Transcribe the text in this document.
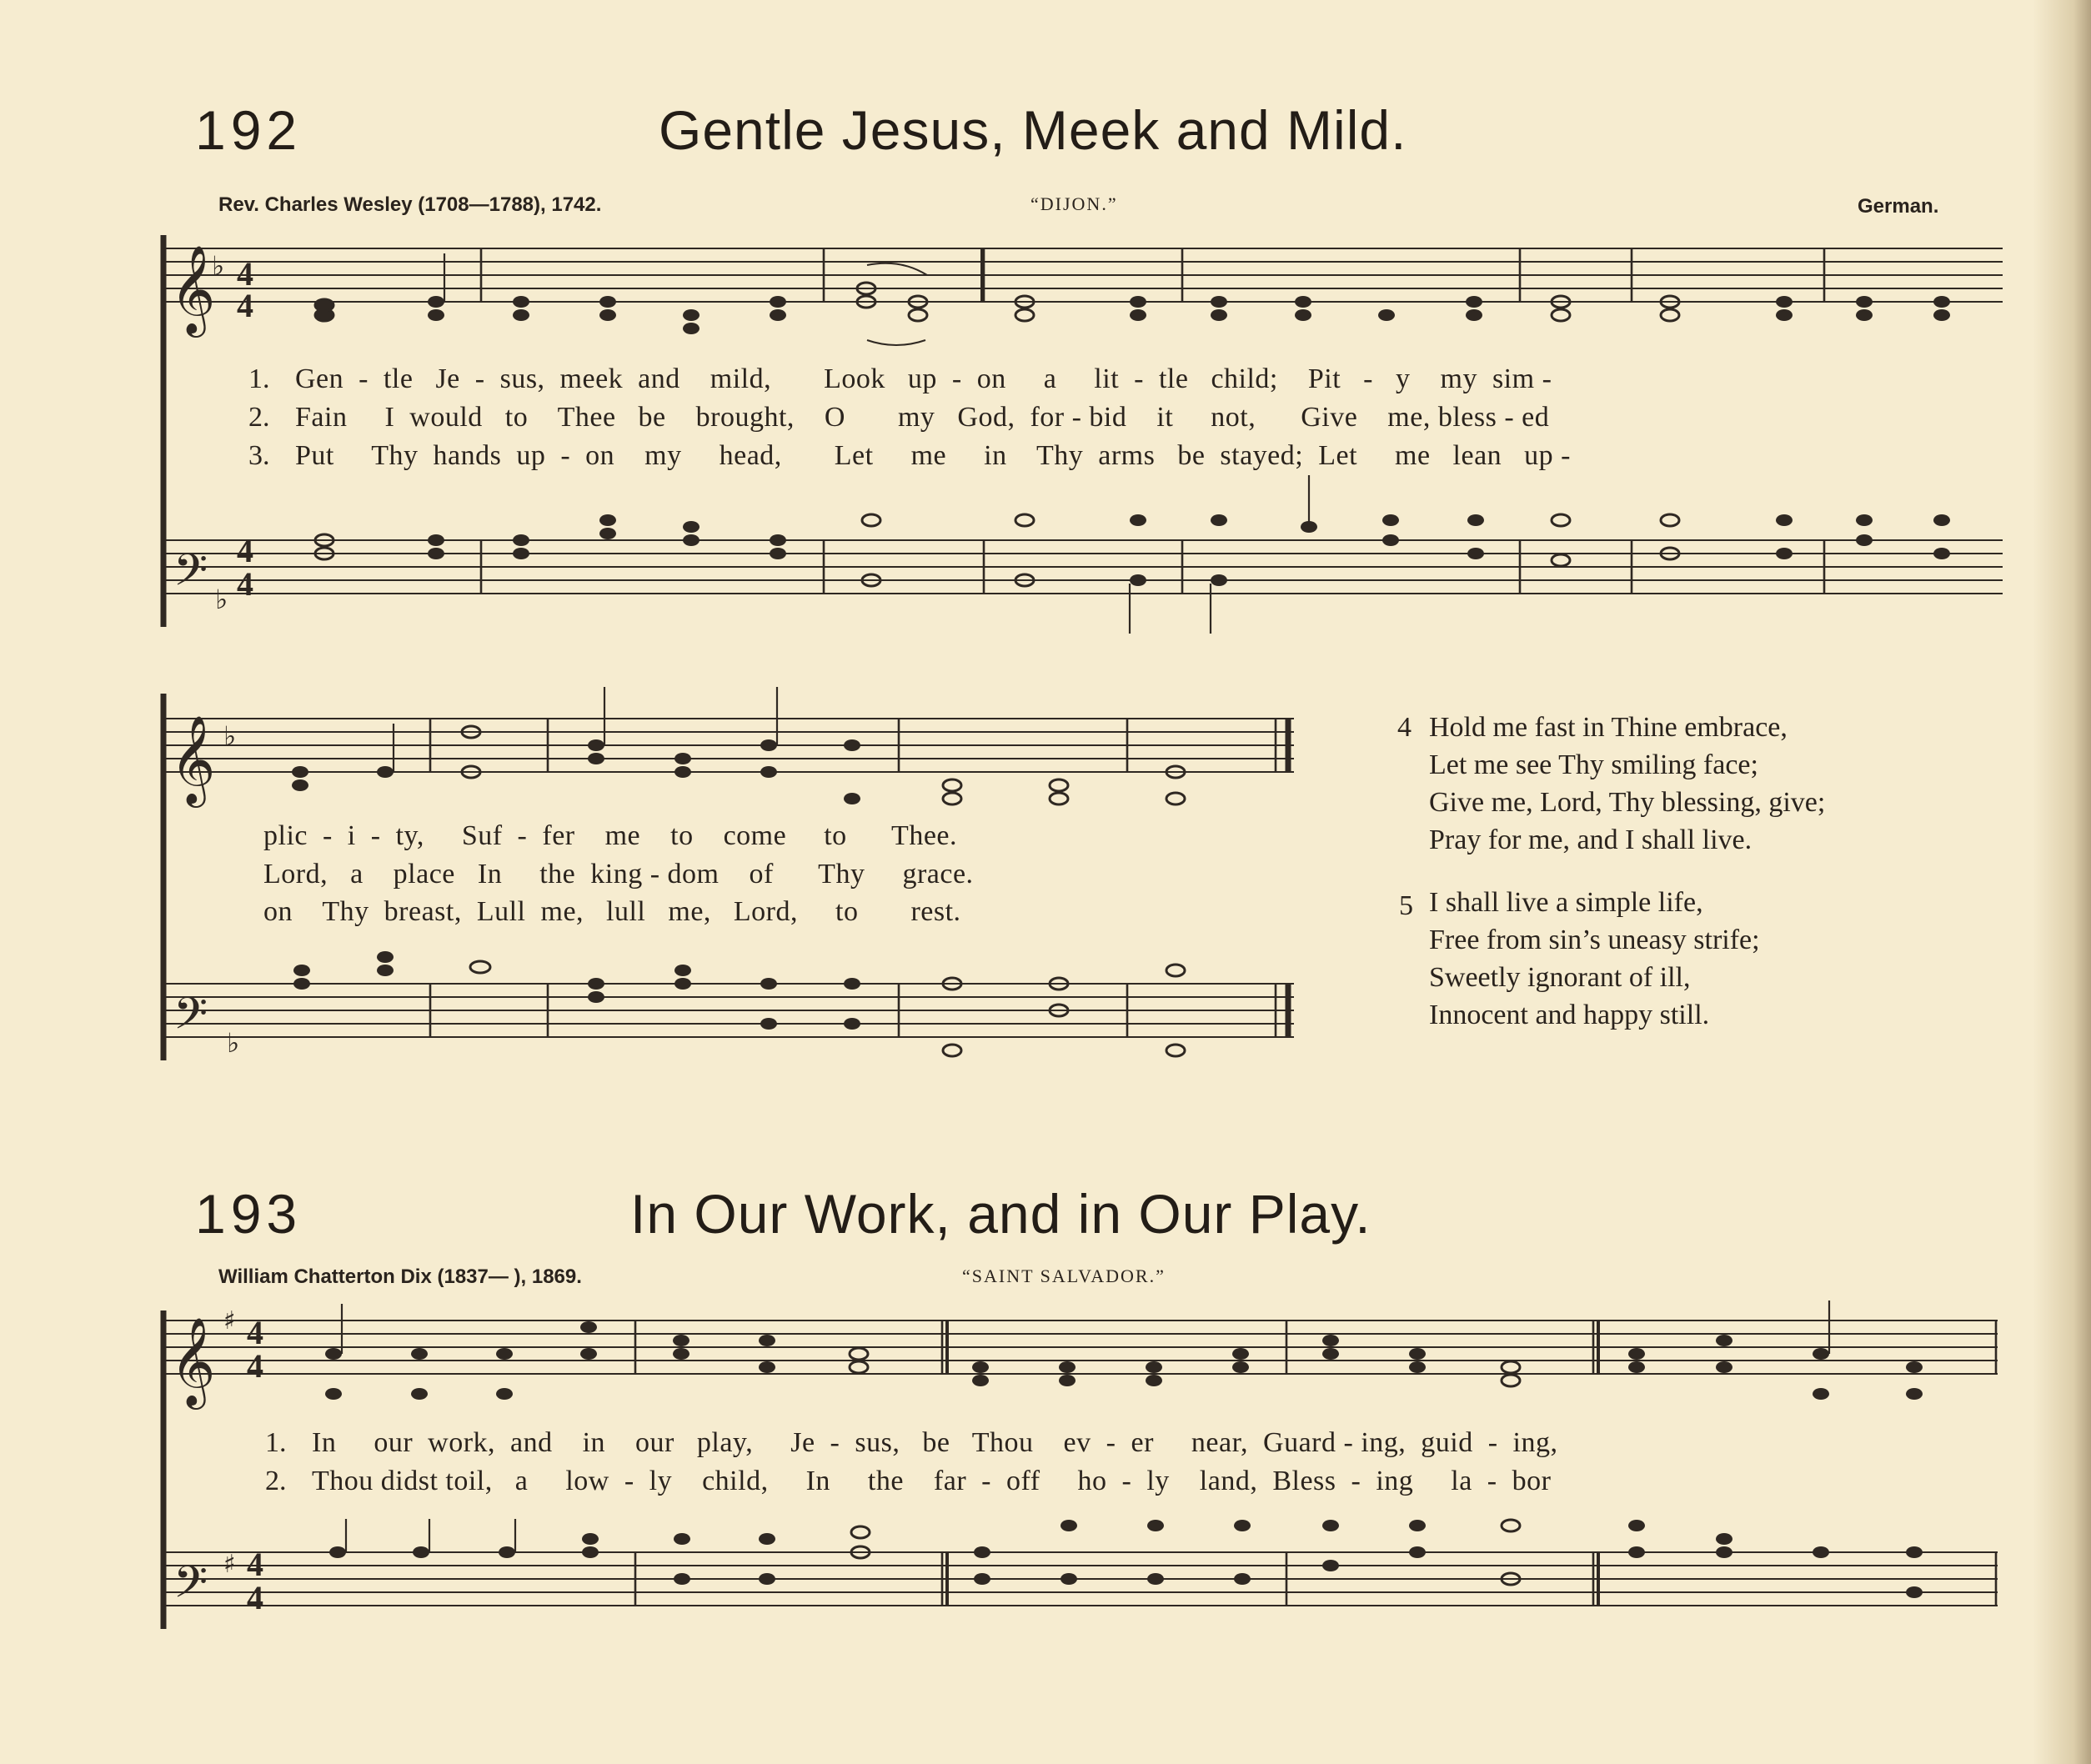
192	Gentle Jesus, Meek and Mild.
Rev. Charles Wesley (1708—1788), 1742.	“DIJON.”	German.
𝄞
𝄢
♭
♭
4
4
4
4
1.
2.
3.
Gen  -  tle   Je  -  sus,  meek  and    mild,       Look   up  -  on     a     lit  -  tle   child;    Pit   -   y    my  sim -
Fain     I  would   to    Thee   be    brought,    O       my   God,  for - bid    it     not,      Give    me, bless - ed
Put     Thy  hands  up  -  on    my     head,       Let     me     in    Thy  arms   be  stayed;  Let     me   lean   up -
𝄞
𝄢
♭
♭
plic  -  i  -  ty,     Suf  -  fer    me    to    come     to      Thee.
Lord,   a    place   In     the  king - dom    of      Thy     grace.
on    Thy  breast,  Lull  me,   lull   me,   Lord,     to       rest.
4 Hold me fast in Thine embrace,
Let me see Thy smiling face;
Give me, Lord, Thy blessing, give;
Pray for me, and I shall live.
5 I shall live a simple life,
Free from sin’s uneasy strife;
Sweetly ignorant of ill,
Innocent and happy still.
193	In Our Work, and in Our Play.
William Chatterton Dix (1837— ), 1869.	“SAINT SALVADOR.”
𝄞
𝄢
♯
♯
4
4
4
4
1.
2.
In     our  work,  and    in    our   play,     Je  -  sus,   be   Thou    ev  -  er     near,  Guard - ing,  guid  -  ing,
Thou didst toil,   a     low  -  ly    child,     In     the    far  -  off     ho  -  ly    land,  Bless  -  ing     la  -  bor
